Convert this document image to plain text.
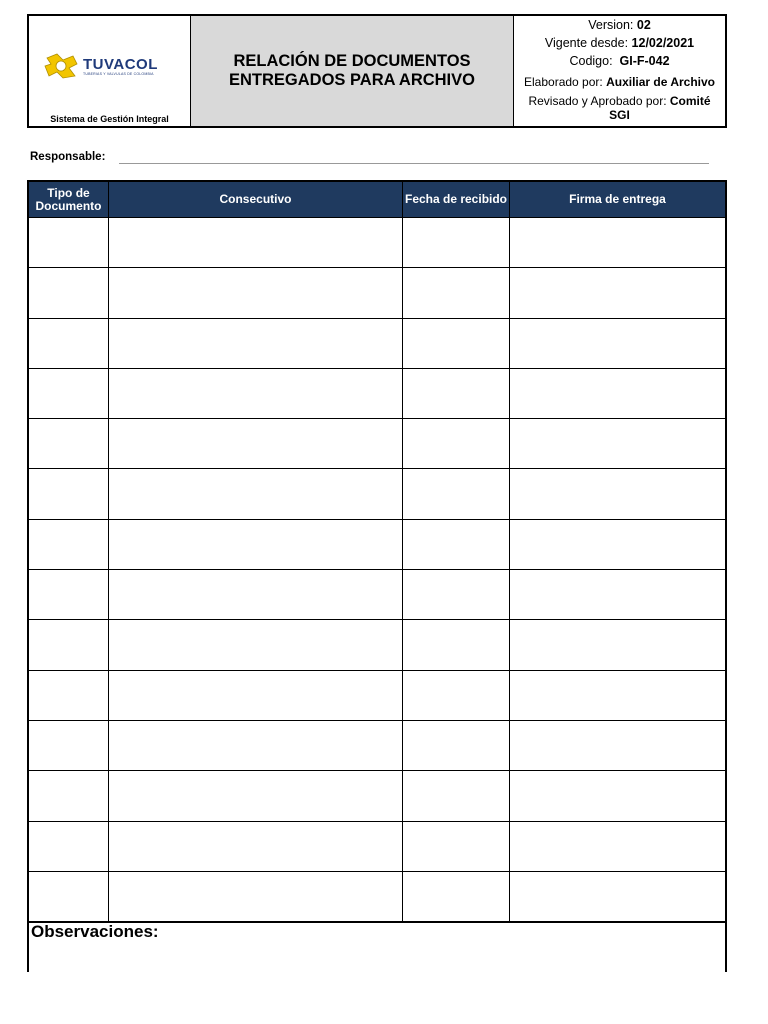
TUVACOL
TUBERIAS Y VALVULAS DE COLOMBIA
Sistema de Gestión Integral
RELACIÓN DE DOCUMENTOS
ENTREGADOS PARA ARCHIVO
Version: 02
Vigente desde: 12/02/2021
Codigo: GI-F-042
Elaborado por: Auxiliar de Archivo
Revisado y Aprobado por: Comité
SGI
Responsable:
Tipo de Documento	Consecutivo	Fecha de recibido	Firma de entrega
Observaciones:
